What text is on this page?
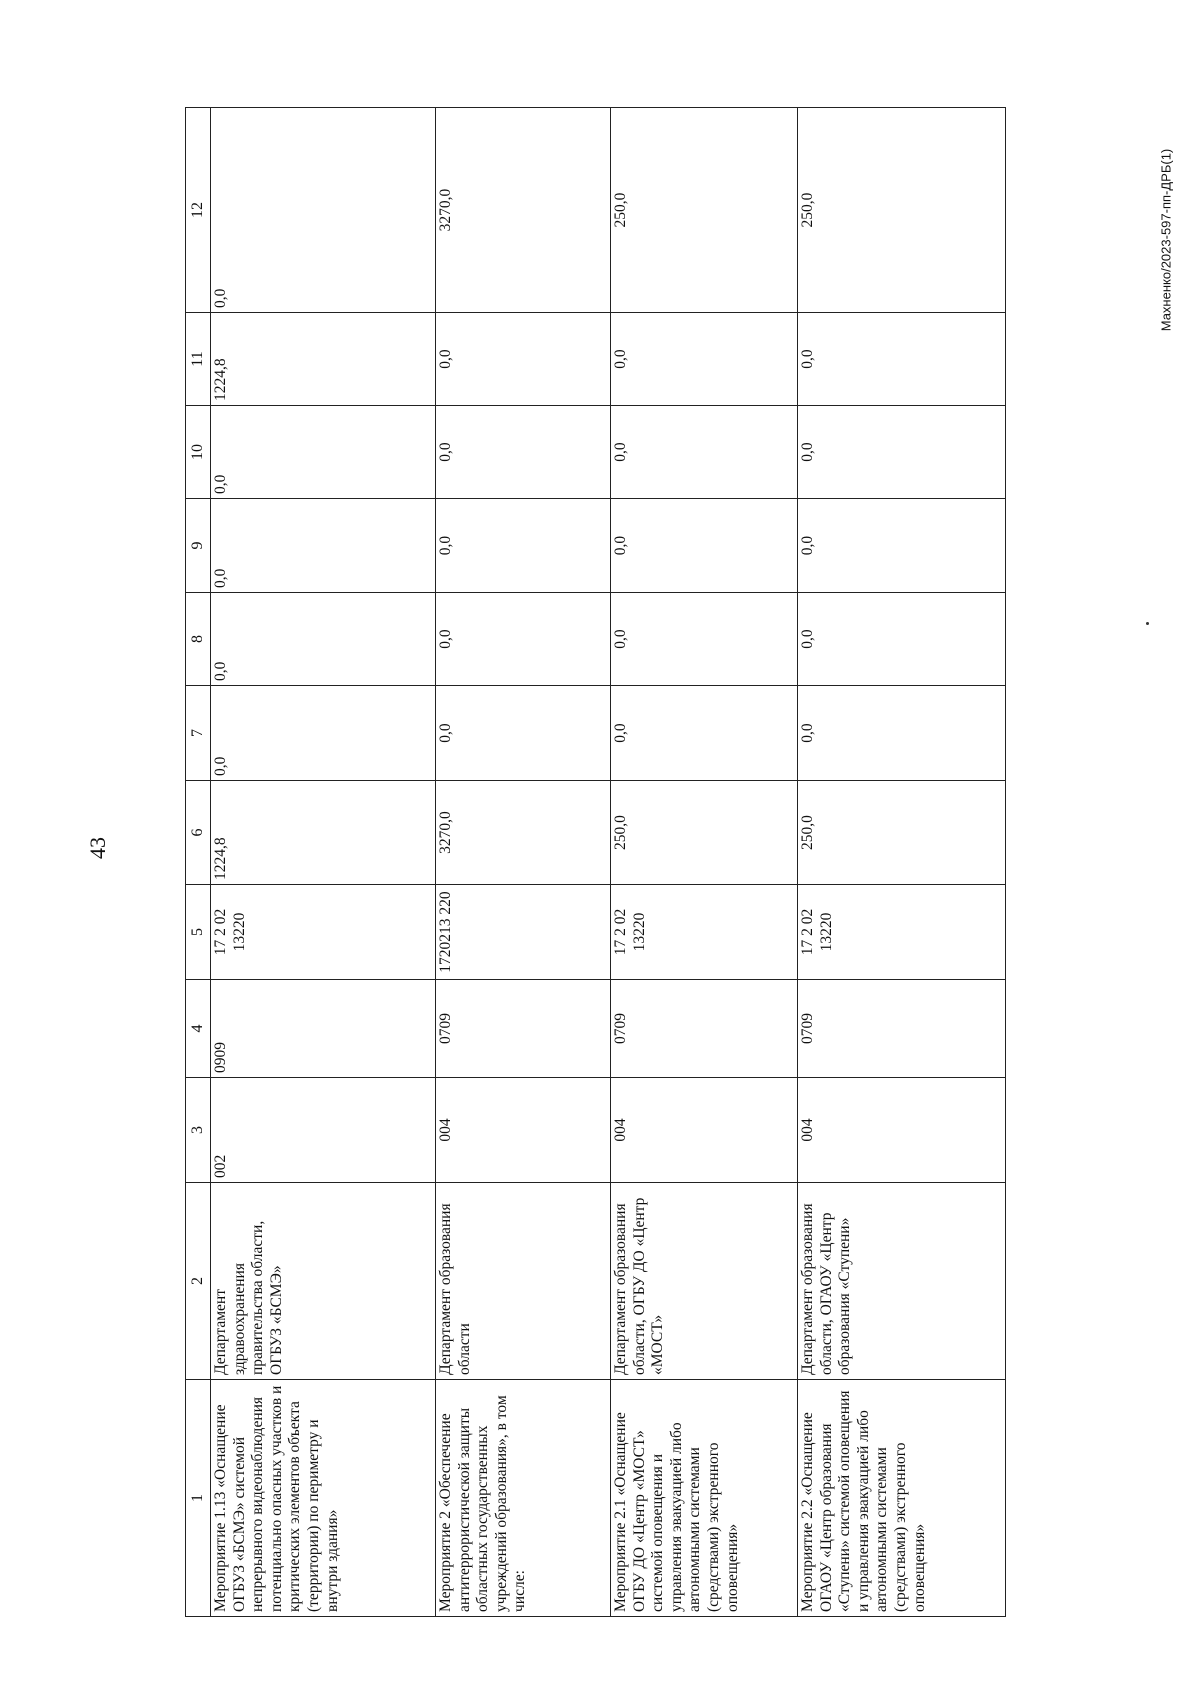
43
Махненко/2023-597-пп-ДРБ(1)
1	2	3	4	5	6	7	8	9	10	11	12
Мероприятие 1.13 «Оснащение ОГБУЗ «БСМЭ» системой непрерывного видеонаблюдения потенциально опасных участков и критических элементов объекта (территории) по периметру и внутри здания»	Департамент здравоохранения правительства области, ОГБУЗ «БСМЭ»	002	0909	17 2 02 13220	1224,8	0,0	0,0	0,0	0,0	1224,8	0,0
Мероприятие 2 «Обеспечение антитеррористической защиты областных государственных учреждений образования», в том числе:	Департамент образования области	004	0709	1720213 220	3270,0	0,0	0,0	0,0	0,0	0,0	3270,0
Мероприятие 2.1 «Оснащение ОГБУ ДО «Центр «МОСТ» системой оповещения и управления эвакуацией либо автономными системами (средствами) экстренного оповещения»	Департамент образования области, ОГБУ ДО «Центр «МОСТ»	004	0709	17 2 02 13220	250,0	0,0	0,0	0,0	0,0	0,0	250,0
Мероприятие 2.2 «Оснащение ОГАОУ «Центр образования «Ступени» системой оповещения и управления эвакуацией либо автономными системами (средствами) экстренного оповещения»	Департамент образования области, ОГАОУ «Центр образования «Ступени»	004	0709	17 2 02 13220	250,0	0,0	0,0	0,0	0,0	0,0	250,0
